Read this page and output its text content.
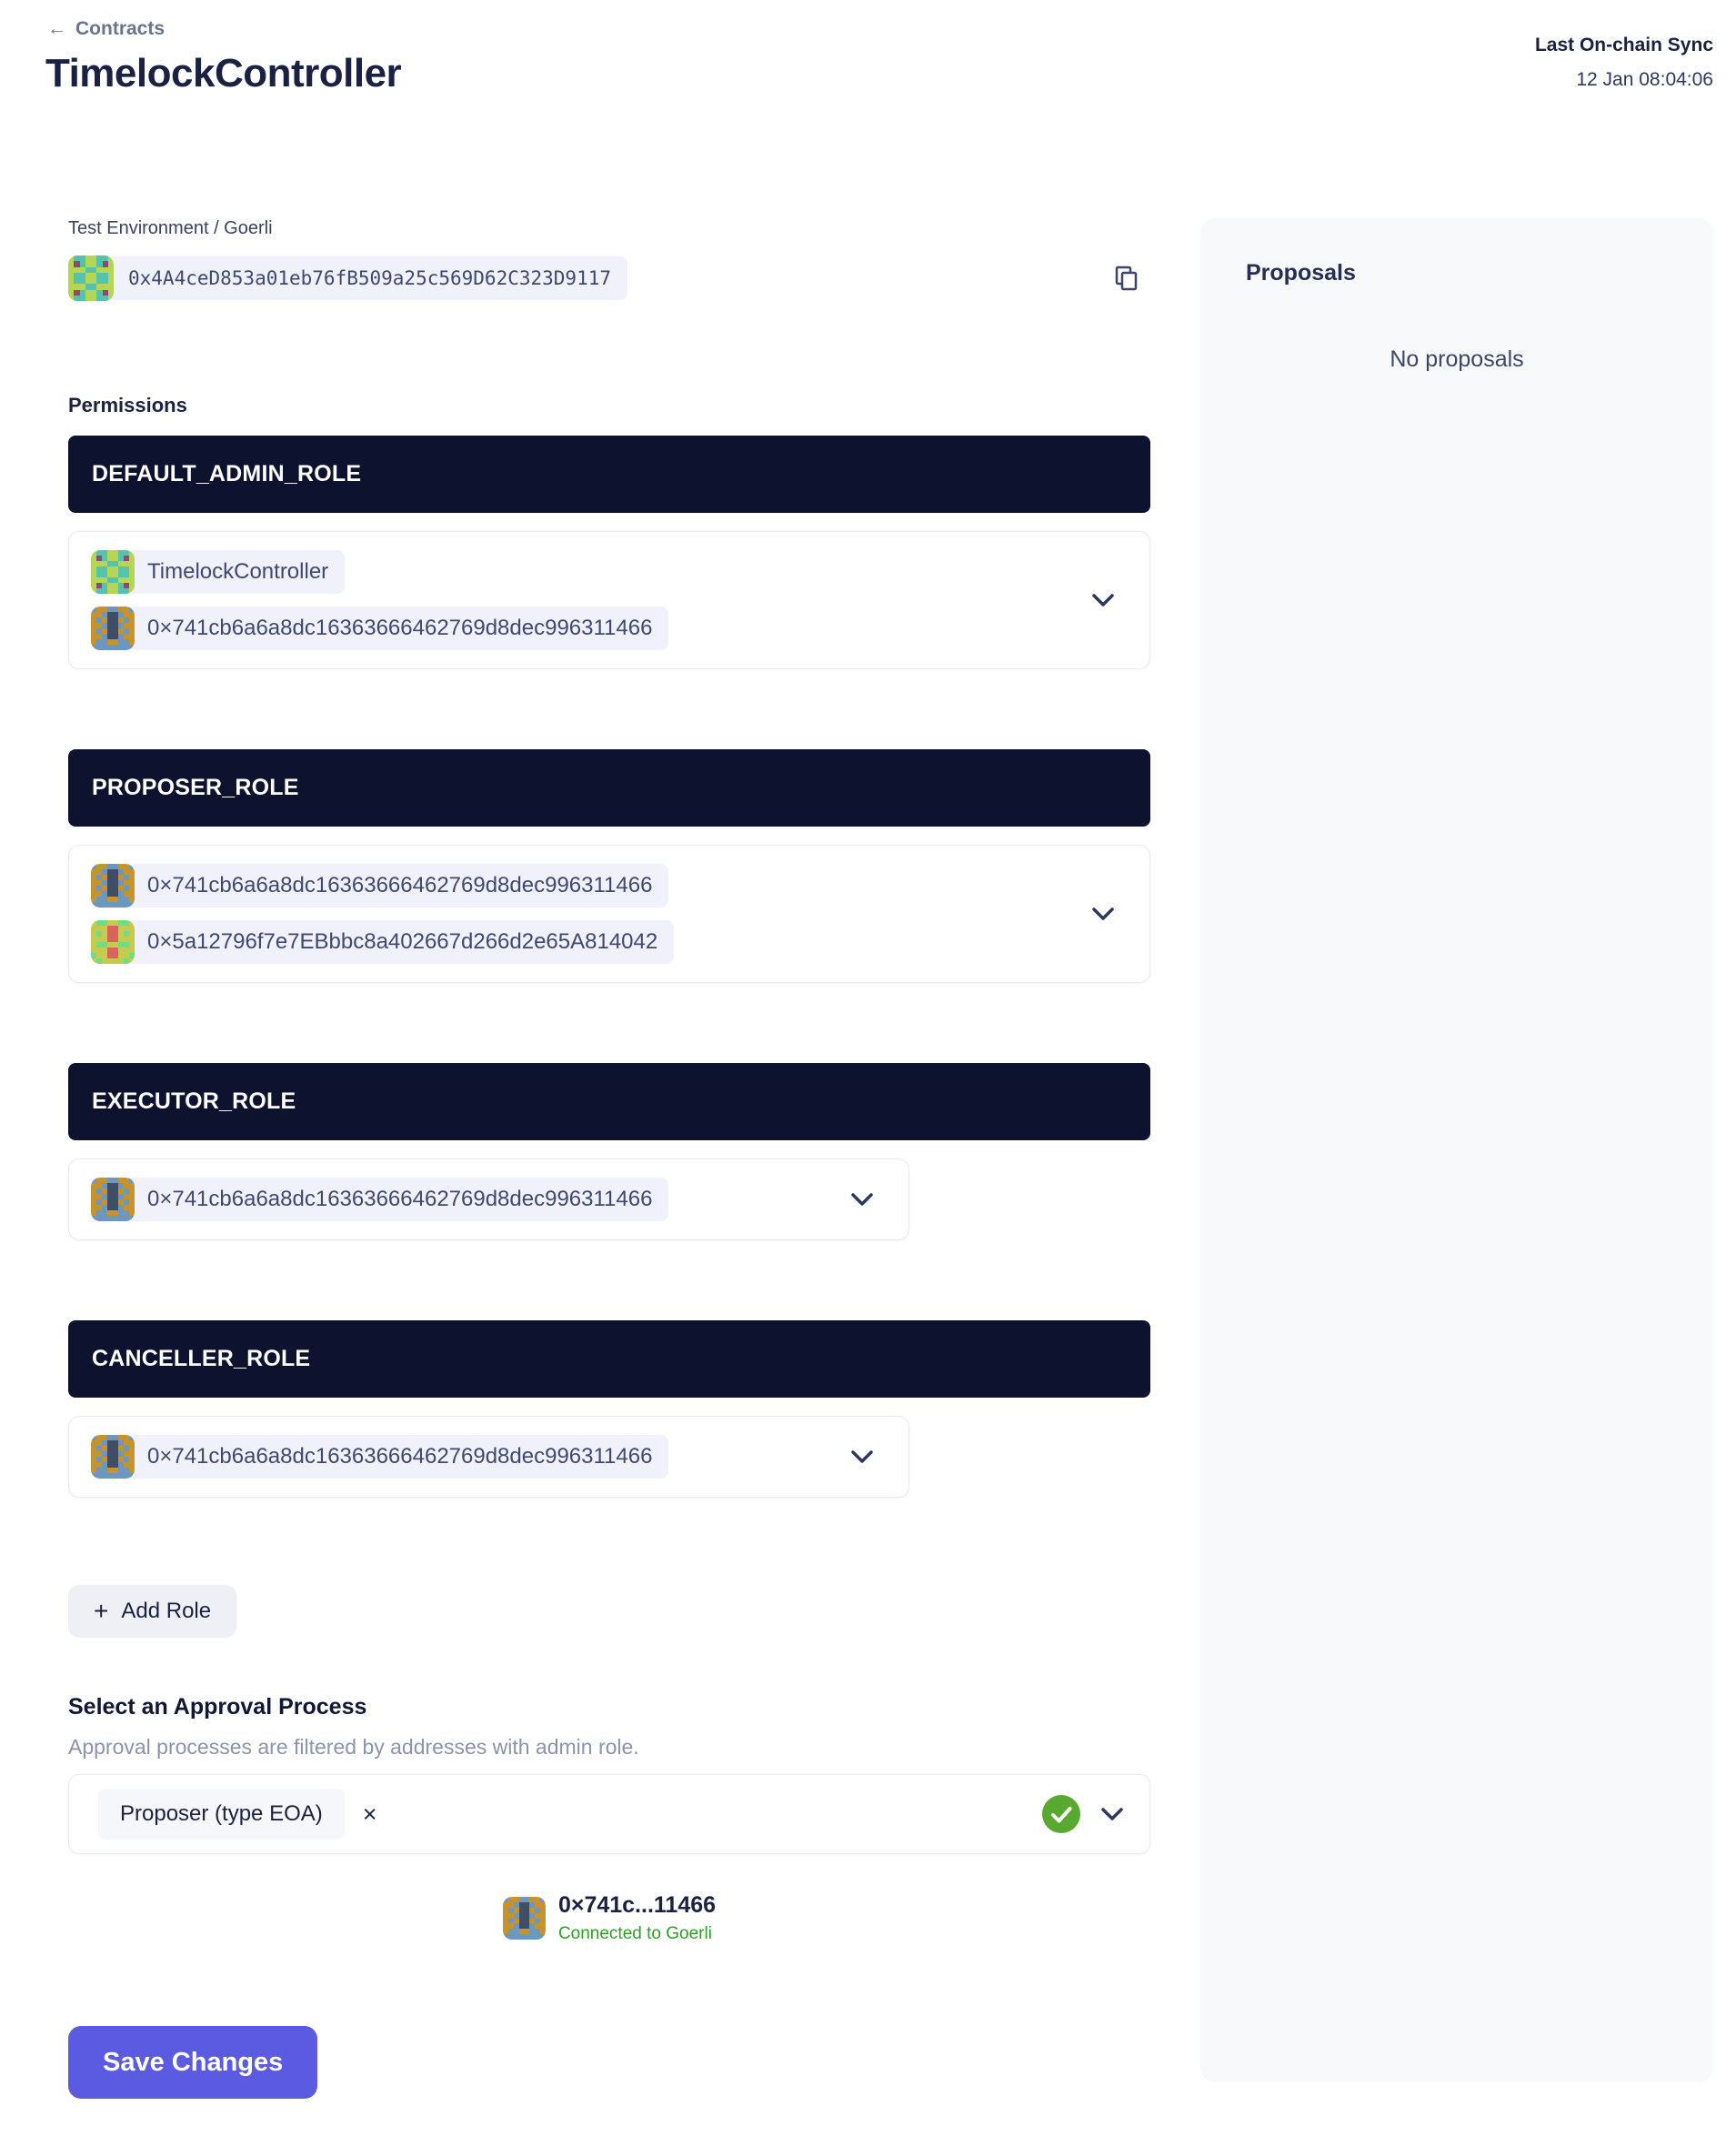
← Contracts
TimelockController
Last On-chain Sync
12 Jan 08:04:06
Test Environment / Goerli
0x4A4ceD853a01eb76fB509a25c569D62C323D9117
Permissions
DEFAULT_ADMIN_ROLE
TimelockController
0×741cb6a6a8dc16363666462769d8dec996311466
PROPOSER_ROLE
0×741cb6a6a8dc16363666462769d8dec996311466
0×5a12796f7e7EBbbc8a402667d266d2e65A814042
EXECUTOR_ROLE
0×741cb6a6a8dc16363666462769d8dec996311466
CANCELLER_ROLE
0×741cb6a6a8dc16363666462769d8dec996311466
+ Add Role
Select an Approval Process
Approval processes are filtered by addresses with admin role.
Proposer (type EOA)	×
0×741c...11466
Connected to Goerli
Save Changes
Proposals
No proposals
